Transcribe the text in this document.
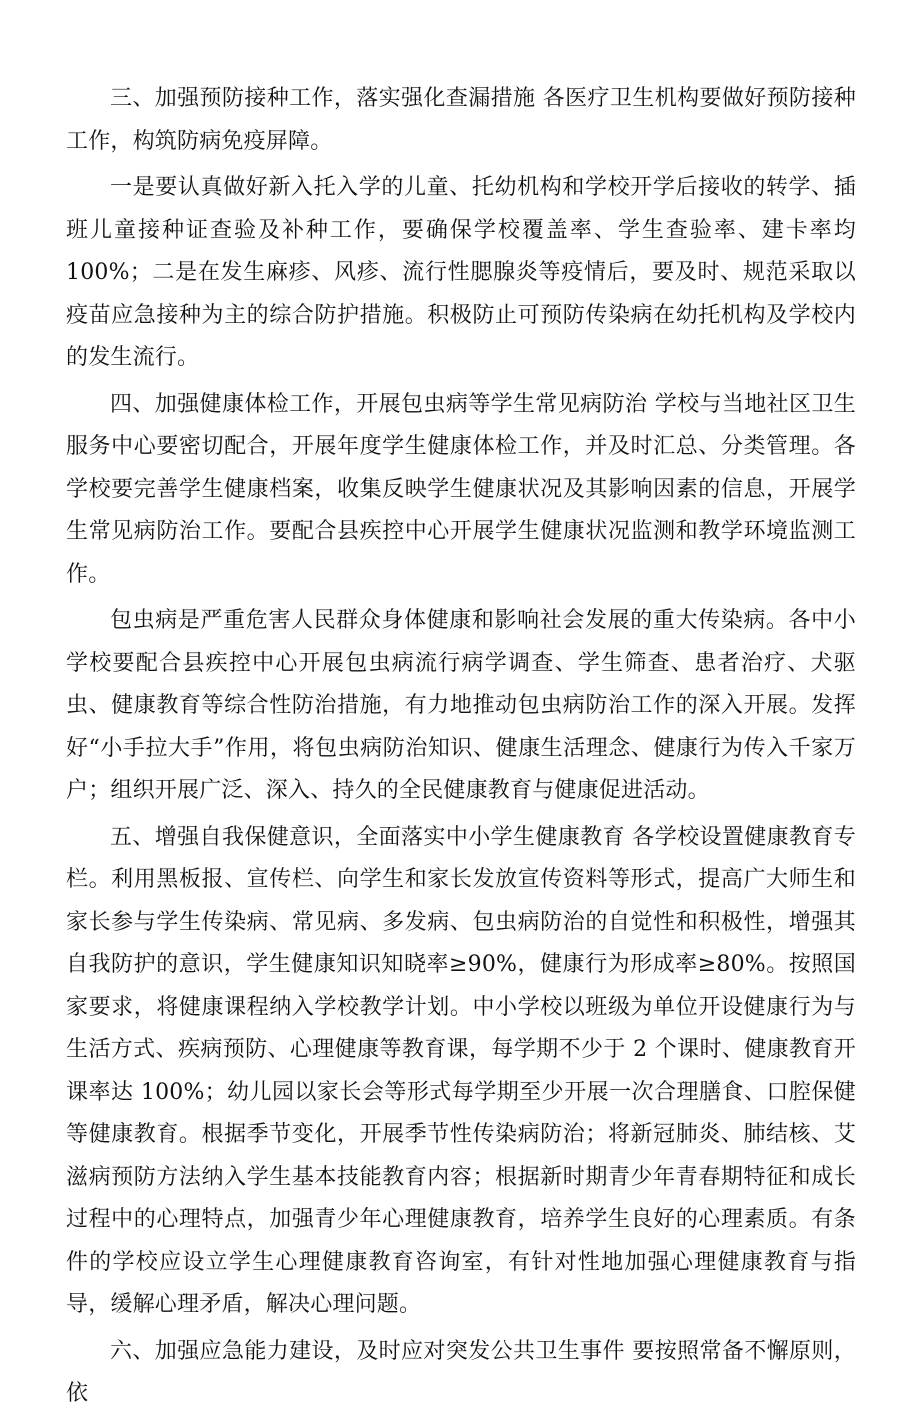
三、加强预防接种工作，落实强化查漏措施 各医疗卫生机构要做好预防接种工作，构筑防病免疫屏障。

一是要认真做好新入托入学的儿童、托幼机构和学校开学后接收的转学、插班儿童接种证查验及补种工作，要确保学校覆盖率、学生查验率、建卡率均 100%；二是在发生麻疹、风疹、流行性腮腺炎等疫情后，要及时、规范采取以疫苗应急接种为主的综合防护措施。积极防止可预防传染病在幼托机构及学校内的发生流行。

四、加强健康体检工作，开展包虫病等学生常见病防治 学校与当地社区卫生服务中心要密切配合，开展年度学生健康体检工作，并及时汇总、分类管理。各学校要完善学生健康档案，收集反映学生健康状况及其影响因素的信息，开展学生常见病防治工作。要配合县疾控中心开展学生健康状况监测和教学环境监测工作。

包虫病是严重危害人民群众身体健康和影响社会发展的重大传染病。各中小学校要配合县疾控中心开展包虫病流行病学调查、学生筛查、患者治疗、犬驱虫、健康教育等综合性防治措施，有力地推动包虫病防治工作的深入开展。发挥好“小手拉大手”作用，将包虫病防治知识、健康生活理念、健康行为传入千家万户；组织开展广泛、深入、持久的全民健康教育与健康促进活动。

五、增强自我保健意识，全面落实中小学生健康教育 各学校设置健康教育专栏。利用黑板报、宣传栏、向学生和家长发放宣传资料等形式，提高广大师生和家长参与学生传染病、常见病、多发病、包虫病防治的自觉性和积极性，增强其自我防护的意识，学生健康知识知晓率≥90%，健康行为形成率≥80%。按照国家要求，将健康课程纳入学校教学计划。中小学校以班级为单位开设健康行为与生活方式、疾病预防、心理健康等教育课，每学期不少于 2 个课时、健康教育开课率达 100%；幼儿园以家长会等形式每学期至少开展一次合理膳食、口腔保健等健康教育。根据季节变化，开展季节性传染病防治；将新冠肺炎、肺结核、艾滋病预防方法纳入学生基本技能教育内容；根据新时期青少年青春期特征和成长过程中的心理特点，加强青少年心理健康教育，培养学生良好的心理素质。有条件的学校应设立学生心理健康教育咨询室，有针对性地加强心理健康教育与指导，缓解心理矛盾，解决心理问题。

六、加强应急能力建设，及时应对突发公共卫生事件 要按照常备不懈原则，依
